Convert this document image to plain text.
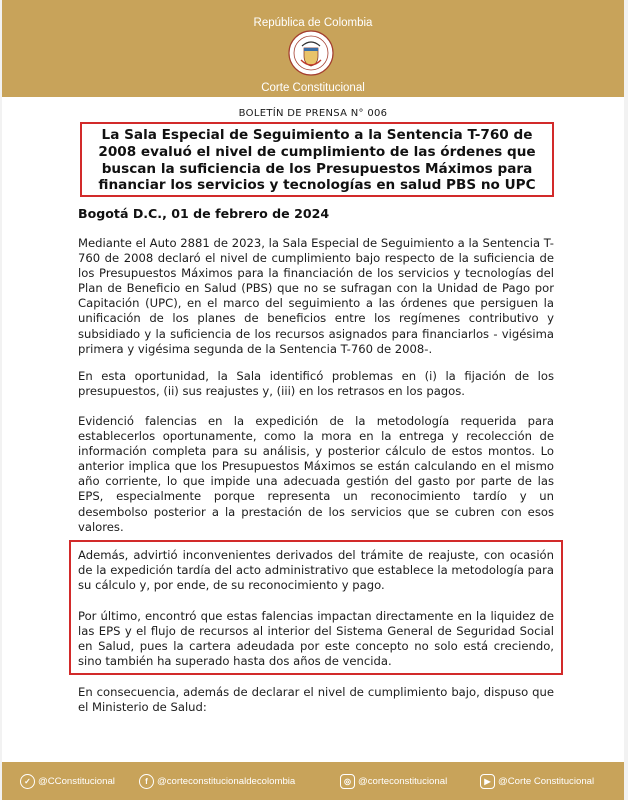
República de Colombia
Corte Constitucional
BOLETÍN DE PRENSA N° 006
La Sala Especial de Seguimiento a la Sentencia T-760 de
2008 evaluó el nivel de cumplimiento de las órdenes que
buscan la suficiencia de los Presupuestos Máximos para
financiar los servicios y tecnologías en salud PBS no UPC
Bogotá D.C., 01 de febrero de 2024
Mediante el Auto 2881 de 2023, la Sala Especial de Seguimiento a la Sentencia T-760 de 2008 declaró el nivel de cumplimiento bajo respecto de la suficiencia de los Presupuestos Máximos para la financiación de los servicios y tecnologías del Plan de Beneficio en Salud (PBS) que no se sufragan con la Unidad de Pago por Capitación (UPC), en el marco del seguimiento a las órdenes que persiguen la unificación de los planes de beneficios entre los regímenes contributivo y subsidiado y la suficiencia de los recursos asignados para financiarlos - vigésima primera y vigésima segunda de la Sentencia T-760 de 2008-.
En esta oportunidad, la Sala identificó problemas en (i) la fijación de los presupuestos, (ii) sus reajustes y, (iii) en los retrasos en los pagos.
Evidenció falencias en la expedición de la metodología requerida para establecerlos oportunamente, como la mora en la entrega y recolección de información completa para su análisis, y posterior cálculo de estos montos. Lo anterior implica que los Presupuestos Máximos se están calculando en el mismo año corriente, lo que impide una adecuada gestión del gasto por parte de las EPS, especialmente porque representa un reconocimiento tardío y un desembolso posterior a la prestación de los servicios que se cubren con esos valores.
Además, advirtió inconvenientes derivados del trámite de reajuste, con ocasión de la expedición tardía del acto administrativo que establece la metodología para su cálculo y, por ende, de su reconocimiento y pago.
Por último, encontró que estas falencias impactan directamente en la liquidez de las EPS y el flujo de recursos al interior del Sistema General de Seguridad Social en Salud, pues la cartera adeudada por este concepto no solo está creciendo, sino también ha superado hasta dos años de vencida.
En consecuencia, además de declarar el nivel de cumplimiento bajo, dispuso que el Ministerio de Salud:
✓ @CConstitucional	f @corteconstitucionaldecolombia	◎ @corteconstitucional	▶ @Corte Constitucional
